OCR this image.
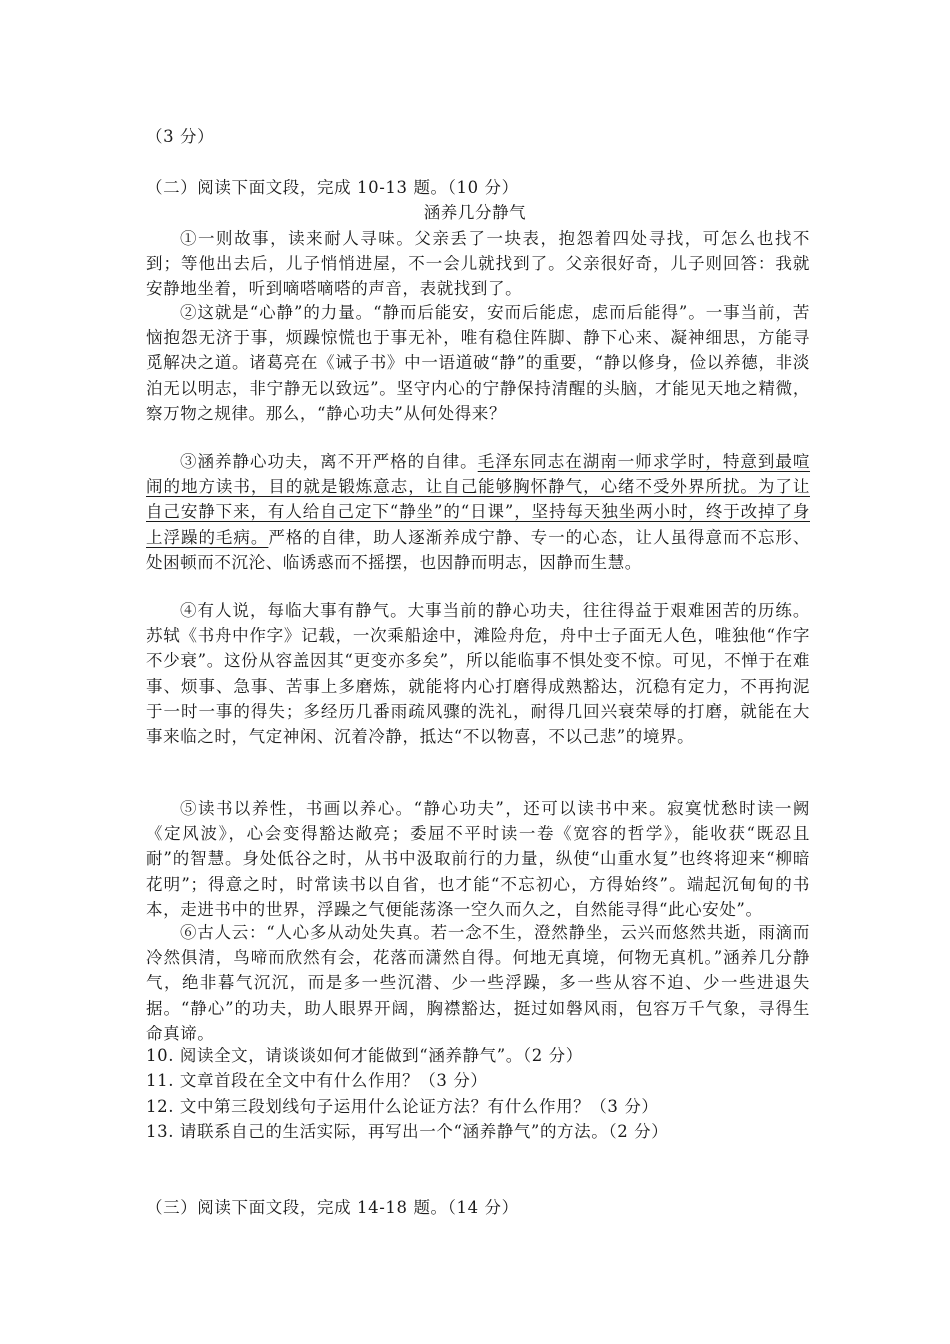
（3 分）
（二）阅读下面文段，完成 10-13 题。（10 分）
涵养几分静气
①一则故事，读来耐人寻味。父亲丢了一块表，抱怨着四处寻找，可怎么也找不到；等他出去后，儿子悄悄进屋，不一会儿就找到了。父亲很好奇，儿子则回答：我就安静地坐着，听到嘀嗒嘀嗒的声音，表就找到了。
②这就是“心静”的力量。“静而后能安，安而后能虑，虑而后能得”。一事当前，苦恼抱怨无济于事，烦躁惊慌也于事无补，唯有稳住阵脚、静下心来、凝神细思，方能寻觅解决之道。诸葛亮在《诫子书》中一语道破“静”的重要，“静以修身，俭以养德，非淡泊无以明志，非宁静无以致远”。坚守内心的宁静保持清醒的头脑，才能见天地之精微，察万物之规律。那么，“静心功夫”从何处得来？
③涵养静心功夫，离不开严格的自律。毛泽东同志在湖南一师求学时，特意到最喧闹的地方读书，目的就是锻炼意志，让自己能够胸怀静气，心绪不受外界所扰。为了让自己安静下来，有人给自己定下“静坐”的“日课”，坚持每天独坐两小时，终于改掉了身上浮躁的毛病。严格的自律，助人逐渐养成宁静、专一的心态，让人虽得意而不忘形、处困顿而不沉沦、临诱惑而不摇摆，也因静而明志，因静而生慧。
④有人说，每临大事有静气。大事当前的静心功夫，往往得益于艰难困苦的历练。苏轼《书舟中作字》记载，一次乘船途中，滩险舟危，舟中士子面无人色，唯独他“作字不少衰”。这份从容盖因其“更变亦多矣”，所以能临事不惧处变不惊。可见，不惮于在难事、烦事、急事、苦事上多磨炼，就能将内心打磨得成熟豁达，沉稳有定力，不再拘泥于一时一事的得失；多经历几番雨疏风骤的洗礼，耐得几回兴衰荣辱的打磨，就能在大事来临之时，气定神闲、沉着冷静，抵达“不以物喜，不以己悲”的境界。
⑤读书以养性，书画以养心。“静心功夫”，还可以读书中来。寂寞忧愁时读一阙《定风波》，心会变得豁达敞亮；委屈不平时读一卷《宽容的哲学》，能收获“既忍且耐”的智慧。身处低谷之时，从书中汲取前行的力量，纵使“山重水复”也终将迎来“柳暗花明”；得意之时，时常读书以自省，也才能“不忘初心，方得始终”。端起沉甸甸的书本，走进书中的世界，浮躁之气便能荡涤一空久而久之，自然能寻得“此心安处”。
⑥古人云：“人心多从动处失真。若一念不生，澄然静坐，云兴而悠然共逝，雨滴而冷然俱清，鸟啼而欣然有会，花落而潇然自得。何地无真境，何物无真机。”涵养几分静气，绝非暮气沉沉，而是多一些沉潜、少一些浮躁，多一些从容不迫、少一些进退失据。“静心”的功夫，助人眼界开阔，胸襟豁达，挺过如磐风雨，包容万千气象，寻得生命真谛。
10. 阅读全文，请谈谈如何才能做到“涵养静气”。（2 分）
11. 文章首段在全文中有什么作用？（3 分）
12. 文中第三段划线句子运用什么论证方法？有什么作用？（3 分）
13. 请联系自己的生活实际，再写出一个“涵养静气”的方法。（2 分）
（三）阅读下面文段，完成 14-18 题。（14 分）
